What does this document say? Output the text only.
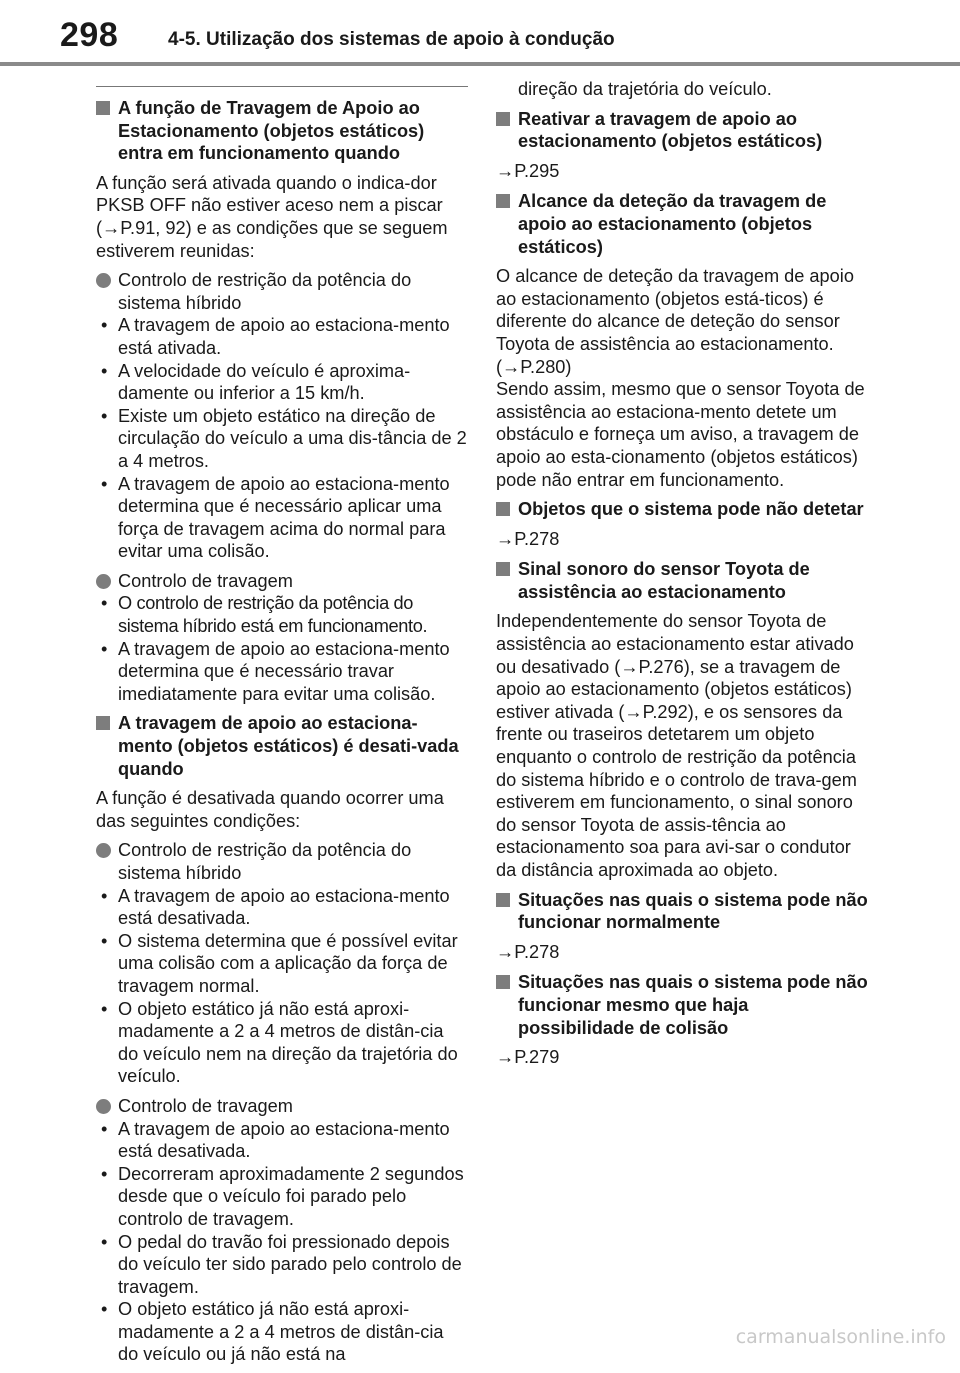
298	4-5. Utilização dos sistemas de apoio à condução
A função de Travagem de Apoio ao Estacionamento (objetos estáticos) entra em funcionamento quando
A função será ativada quando o indica-dor PKSB OFF não estiver aceso nem a piscar (→P.91, 92) e as condições que se seguem estiverem reunidas:
Controlo de restrição da potência do sistema híbrido
• A travagem de apoio ao estaciona-mento está ativada.
• A velocidade do veículo é aproxima-damente ou inferior a 15 km/h.
• Existe um objeto estático na direção de circulação do veículo a uma dis-tância de 2 a 4 metros.
• A travagem de apoio ao estaciona-mento determina que é necessário aplicar uma força de travagem acima do normal para evitar uma colisão.
Controlo de travagem
• O controlo de restrição da potência do sistema híbrido está em funcionamento.
• A travagem de apoio ao estaciona-mento determina que é necessário travar imediatamente para evitar uma colisão.
A travagem de apoio ao estaciona-mento (objetos estáticos) é desati-vada quando
A função é desativada quando ocorrer uma das seguintes condições:
Controlo de restrição da potência do sistema híbrido
• A travagem de apoio ao estaciona-mento está desativada.
• O sistema determina que é possível evitar uma colisão com a aplicação da força de travagem normal.
• O objeto estático já não está aproxi-madamente a 2 a 4 metros de distân-cia do veículo nem na direção da trajetória do veículo.
Controlo de travagem
• A travagem de apoio ao estaciona-mento está desativada.
• Decorreram aproximadamente 2 segundos desde que o veículo foi parado pelo controlo de travagem.
• O pedal do travão foi pressionado depois do veículo ter sido parado pelo controlo de travagem.
• O objeto estático já não está aproxi-madamente a 2 a 4 metros de distân-cia do veículo ou já não está na
direção da trajetória do veículo.
Reativar a travagem de apoio ao estacionamento (objetos estáticos)
→P.295
Alcance da deteção da travagem de apoio ao estacionamento (objetos estáticos)
O alcance de deteção da travagem de apoio ao estacionamento (objetos está-ticos) é diferente do alcance de deteção do sensor Toyota de assistência ao estacionamento. (→P.280)
Sendo assim, mesmo que o sensor Toyota de assistência ao estaciona-mento detete um obstáculo e forneça um aviso, a travagem de apoio ao esta-cionamento (objetos estáticos) pode não entrar em funcionamento.
Objetos que o sistema pode não detetar
→P.278
Sinal sonoro do sensor Toyota de assistência ao estacionamento
Independentemente do sensor Toyota de assistência ao estacionamento estar ativado ou desativado (→P.276), se a travagem de apoio ao estacionamento (objetos estáticos) estiver ativada (→P.292), e os sensores da frente ou traseiros detetarem um objeto enquanto o controlo de restrição da potência do sistema híbrido e o controlo de trava-gem estiverem em funcionamento, o sinal sonoro do sensor Toyota de assis-tência ao estacionamento soa para avi-sar o condutor da distância aproximada ao objeto.
Situações nas quais o sistema pode não funcionar normalmente
→P.278
Situações nas quais o sistema pode não funcionar mesmo que haja possibilidade de colisão
→P.279
carmanualsonline.info
